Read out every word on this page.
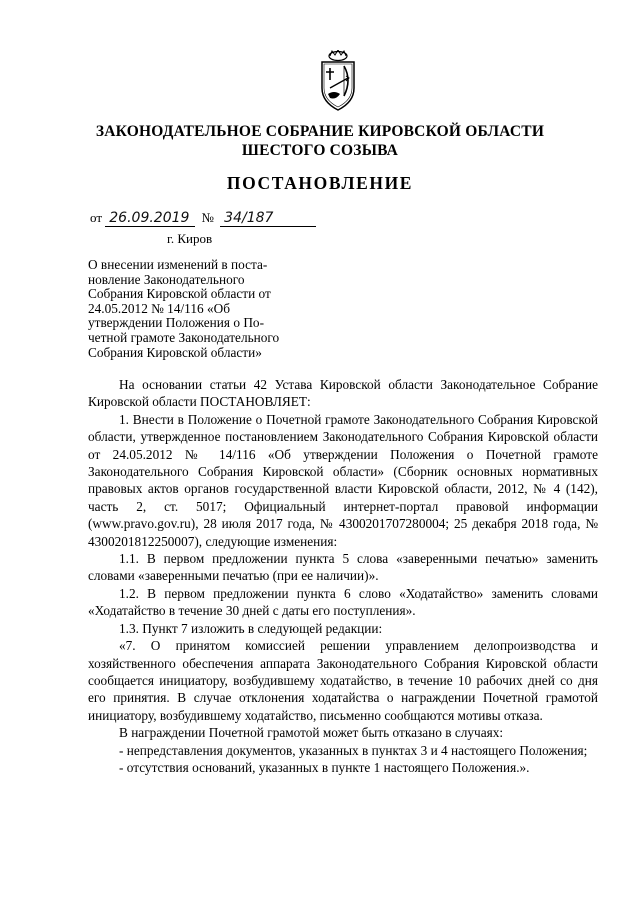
ЗАКОНОДАТЕЛЬНОЕ СОБРАНИЕ КИРОВСКОЙ ОБЛАСТИ
ШЕСТОГО СОЗЫВА
ПОСТАНОВЛЕНИЕ
от 26.09.2019 № 34/187
г. Киров
О внесении изменений в поста-
новление Законодательного
Собрания Кировской области от
24.05.2012 № 14/116 «Об
утверждении Положения о По-
четной грамоте Законодательного
Собрания Кировской области»

На основании статьи 42 Устава Кировской области Законодательное Собрание Кировской области ПОСТАНОВЛЯЕТ:

1. Внести в Положение о Почетной грамоте Законодательного Собрания Кировской области, утвержденное постановлением Законодательного Собрания Кировской области от 24.05.2012 № 14/116 «Об утверждении Положения о Почетной грамоте Законодательного Собрания Кировской области» (Сборник основных нормативных правовых актов органов государственной власти Кировской области, 2012, № 4 (142), часть 2, ст. 5017; Официальный интернет-портал правовой информации (www.pravo.gov.ru), 28 июля 2017 года, № 4300201707280004; 25 декабря 2018 года, № 4300201812250007), следующие изменения:

1.1. В первом предложении пункта 5 слова «заверенными печатью» заменить словами «заверенными печатью (при ее наличии)».

1.2. В первом предложении пункта 6 слово «Ходатайство» заменить словами «Ходатайство в течение 30 дней с даты его поступления».

1.3. Пункт 7 изложить в следующей редакции:

«7. О принятом комиссией решении управлением делопроизводства и хозяйственного обеспечения аппарата Законодательного Собрания Кировской области сообщается инициатору, возбудившему ходатайство, в течение 10 рабочих дней со дня его принятия. В случае отклонения ходатайства о награждении Почетной грамотой инициатору, возбудившему ходатайство, письменно сообщаются мотивы отказа.

В награждении Почетной грамотой может быть отказано в случаях:

- непредставления документов, указанных в пунктах 3 и 4 настоящего Положения;

- отсутствия оснований, указанных в пункте 1 настоящего Положения.».
